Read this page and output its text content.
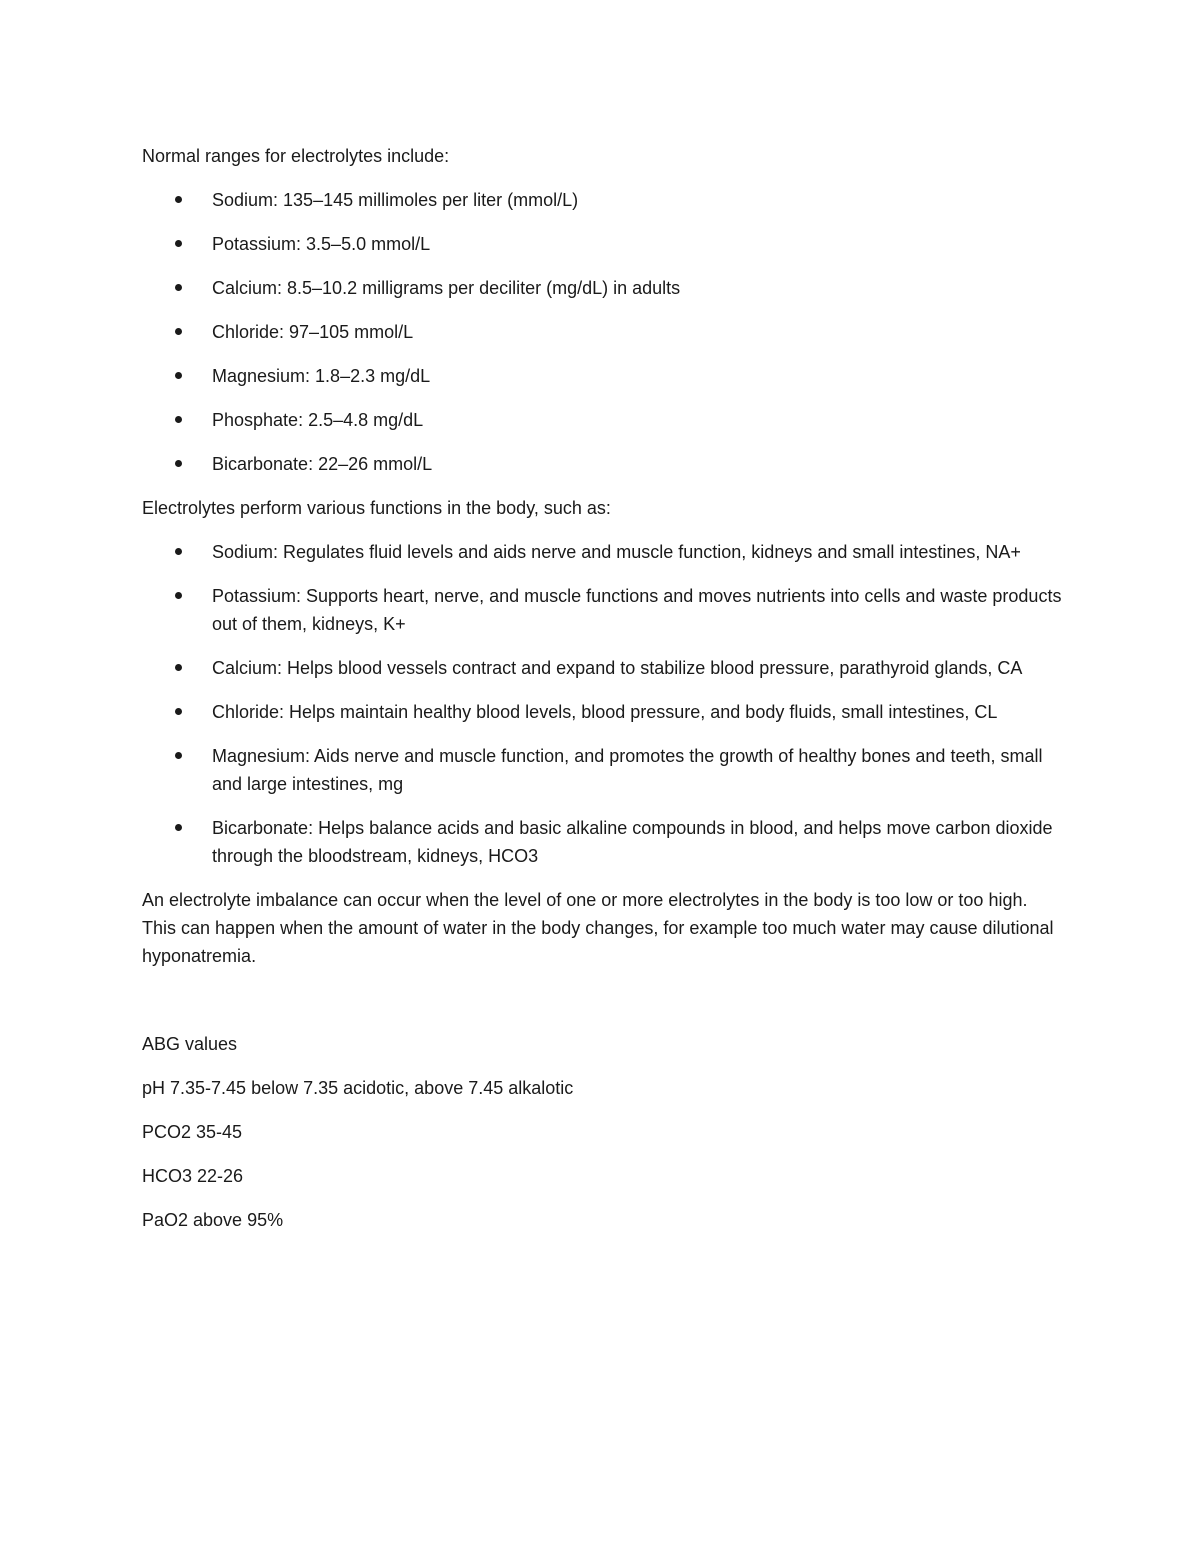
Normal ranges for electrolytes include:

Sodium: 135–145 millimoles per liter (mmol/L)
Potassium: 3.5–5.0 mmol/L
Calcium: 8.5–10.2 milligrams per deciliter (mg/dL) in adults
Chloride: 97–105 mmol/L
Magnesium: 1.8–2.3 mg/dL
Phosphate: 2.5–4.8 mg/dL
Bicarbonate: 22–26 mmol/L

Electrolytes perform various functions in the body, such as:

Sodium: Regulates fluid levels and aids nerve and muscle function, kidneys and small intestines, NA+
Potassium: Supports heart, nerve, and muscle functions and moves nutrients into cells and waste products out of them, kidneys, K+
Calcium: Helps blood vessels contract and expand to stabilize blood pressure, parathyroid glands, CA
Chloride: Helps maintain healthy blood levels, blood pressure, and body fluids, small intestines, CL
Magnesium: Aids nerve and muscle function, and promotes the growth of healthy bones and teeth, small and large intestines, mg
Bicarbonate: Helps balance acids and basic alkaline compounds in blood, and helps move carbon dioxide through the bloodstream, kidneys, HCO3

An electrolyte imbalance can occur when the level of one or more electrolytes in the body is too low or too high. This can happen when the amount of water in the body changes, for example too much water may cause dilutional hyponatremia.

ABG values

pH 7.35-7.45 below 7.35 acidotic, above 7.45 alkalotic

PCO2 35-45

HCO3 22-26

PaO2 above 95%
